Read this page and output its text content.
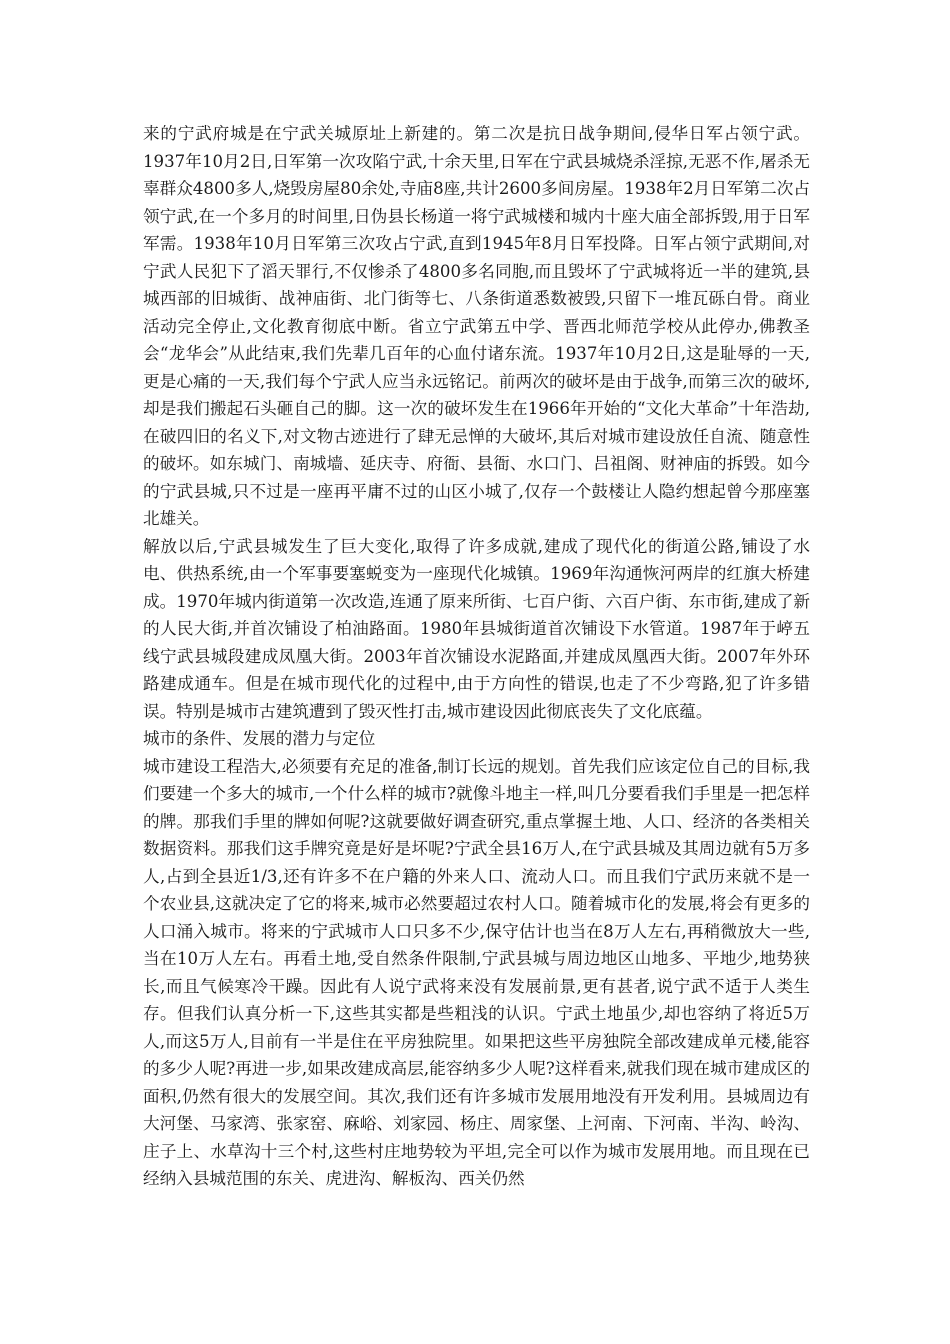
来的宁武府城是在宁武关城原址上新建的。第二次是抗日战争期间,侵华日军占领宁武。1937年10月2日,日军第一次攻陷宁武,十余天里,日军在宁武县城烧杀淫掠,无恶不作,屠杀无辜群众4800多人,烧毁房屋80余处,寺庙8座,共计2600多间房屋。1938年2月日军第二次占领宁武,在一个多月的时间里,日伪县长杨道一将宁武城楼和城内十座大庙全部拆毁,用于日军军需。1938年10月日军第三次攻占宁武,直到1945年8月日军投降。日军占领宁武期间,对宁武人民犯下了滔天罪行,不仅惨杀了4800多名同胞,而且毁坏了宁武城将近一半的建筑,县城西部的旧城街、战神庙街、北门街等七、八条街道悉数被毁,只留下一堆瓦砾白骨。商业活动完全停止,文化教育彻底中断。省立宁武第五中学、晋西北师范学校从此停办,佛教圣会“龙华会”从此结束,我们先辈几百年的心血付诸东流。1937年10月2日,这是耻辱的一天,更是心痛的一天,我们每个宁武人应当永远铭记。前两次的破坏是由于战争,而第三次的破坏,却是我们搬起石头砸自己的脚。这一次的破坏发生在1966年开始的“文化大革命”十年浩劫,在破四旧的名义下,对文物古迹进行了肆无忌惮的大破坏,其后对城市建设放任自流、随意性的破坏。如东城门、南城墙、延庆寺、府衙、县衙、水口门、吕祖阁、财神庙的拆毁。如今的宁武县城,只不过是一座再平庸不过的山区小城了,仅存一个鼓楼让人隐约想起曾今那座塞北雄关。

解放以后,宁武县城发生了巨大变化,取得了许多成就,建成了现代化的街道公路,铺设了水电、供热系统,由一个军事要塞蜕变为一座现代化城镇。1969年沟通恢河两岸的红旗大桥建成。1970年城内街道第一次改造,连通了原来所街、七百户街、六百户街、东市街,建成了新的人民大街,并首次铺设了柏油路面。1980年县城街道首次铺设下水管道。1987年于嵉五线宁武县城段建成凤凰大街。2003年首次铺设水泥路面,并建成凤凰西大街。2007年外环路建成通车。但是在城市现代化的过程中,由于方向性的错误,也走了不少弯路,犯了许多错误。特别是城市古建筑遭到了毁灭性打击,城市建设因此彻底丧失了文化底蕴。

城市的条件、发展的潜力与定位

城市建设工程浩大,必须要有充足的准备,制订长远的规划。首先我们应该定位自己的目标,我们要建一个多大的城市,一个什么样的城市?就像斗地主一样,叫几分要看我们手里是一把怎样的牌。那我们手里的牌如何呢?这就要做好调查研究,重点掌握土地、人口、经济的各类相关数据资料。那我们这手牌究竟是好是坏呢?宁武全县16万人,在宁武县城及其周边就有5万多人,占到全县近1/3,还有许多不在户籍的外来人口、流动人口。而且我们宁武历来就不是一个农业县,这就决定了它的将来,城市必然要超过农村人口。随着城市化的发展,将会有更多的人口涌入城市。将来的宁武城市人口只多不少,保守估计也当在8万人左右,再稍微放大一些,当在10万人左右。再看土地,受自然条件限制,宁武县城与周边地区山地多、平地少,地势狭长,而且气候寒冷干躁。因此有人说宁武将来没有发展前景,更有甚者,说宁武不适于人类生存。但我们认真分析一下,这些其实都是些粗浅的认识。宁武土地虽少,却也容纳了将近5万人,而这5万人,目前有一半是住在平房独院里。如果把这些平房独院全部改建成单元楼,能容的多少人呢?再进一步,如果改建成高层,能容纳多少人呢?这样看来,就我们现在城市建成区的面积,仍然有很大的发展空间。其次,我们还有许多城市发展用地没有开发利用。县城周边有大河堡、马家湾、张家窑、麻峪、刘家园、杨庄、周家堡、上河南、下河南、半沟、岭沟、庄子上、水草沟十三个村,这些村庄地势较为平坦,完全可以作为城市发展用地。而且现在已经纳入县城范围的东关、虎进沟、解板沟、西关仍然
